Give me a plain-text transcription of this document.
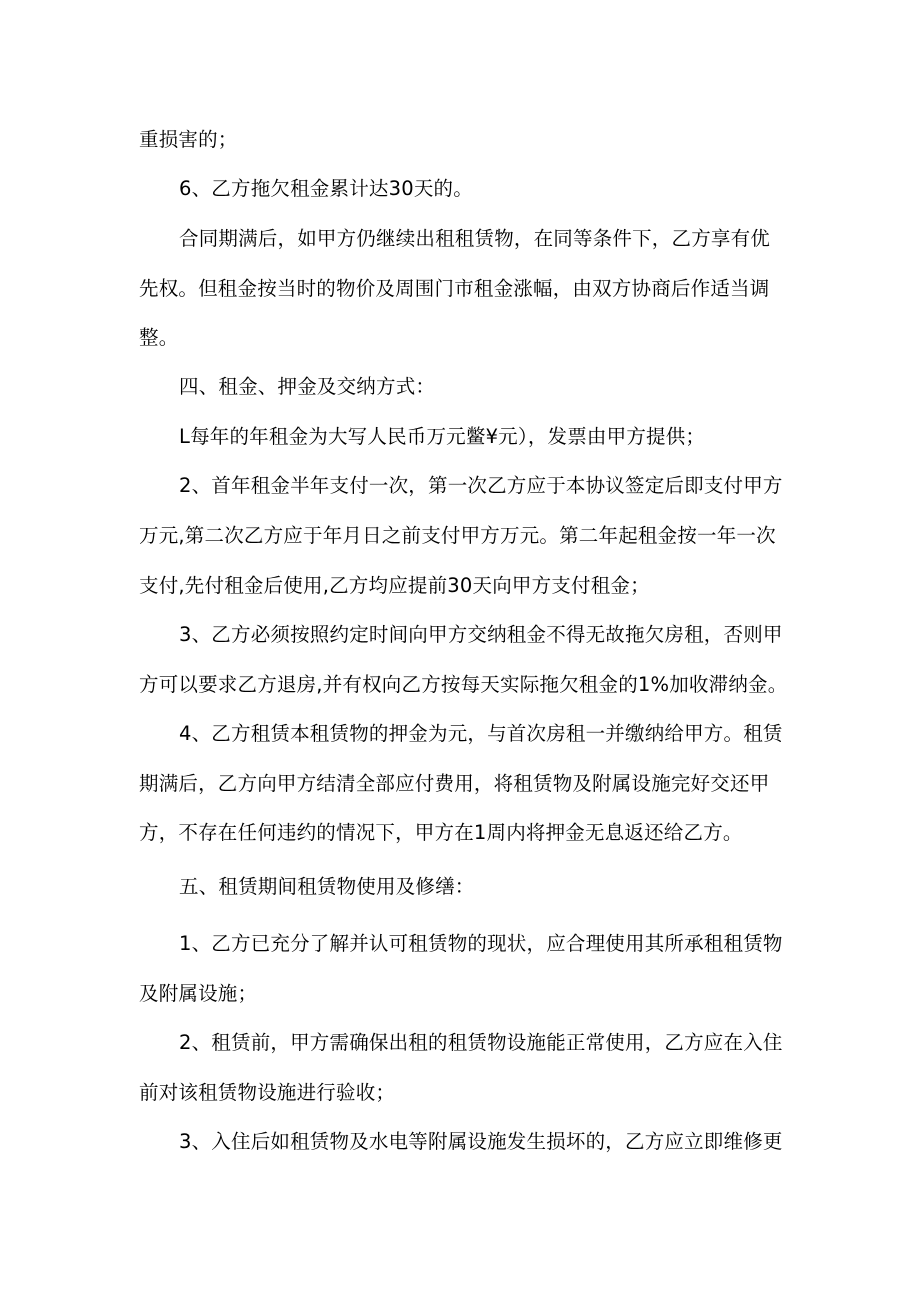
重损害的；

6、乙方拖欠租金累计达30天的。

合同期满后，如甲方仍继续出租租赁物，在同等条件下，乙方享有优

先权。但租金按当时的物价及周围门市租金涨幅，由双方协商后作适当调

整。

四、租金、押金及交纳方式：

L每年的年租金为大写人民币万元鳖¥元），发票由甲方提供；

2、首年租金半年支付一次，第一次乙方应于本协议签定后即支付甲方

万元,第二次乙方应于年月日之前支付甲方万元。第二年起租金按一年一次

支付,先付租金后使用,乙方均应提前30天向甲方支付租金；

3、乙方必须按照约定时间向甲方交纳租金不得无故拖欠房租，否则甲

方可以要求乙方退房,并有权向乙方按每天实际拖欠租金的1%加收滞纳金。

4、乙方租赁本租赁物的押金为元，与首次房租一并缴纳给甲方。租赁

期满后，乙方向甲方结清全部应付费用，将租赁物及附属设施完好交还甲

方，不存在任何违约的情况下，甲方在1周内将押金无息返还给乙方。

五、租赁期间租赁物使用及修缮：

1、乙方已充分了解并认可租赁物的现状，应合理使用其所承租租赁物

及附属设施；

2、租赁前，甲方需确保出租的租赁物设施能正常使用，乙方应在入住

前对该租赁物设施进行验收；

3、入住后如租赁物及水电等附属设施发生损坏的，乙方应立即维修更
